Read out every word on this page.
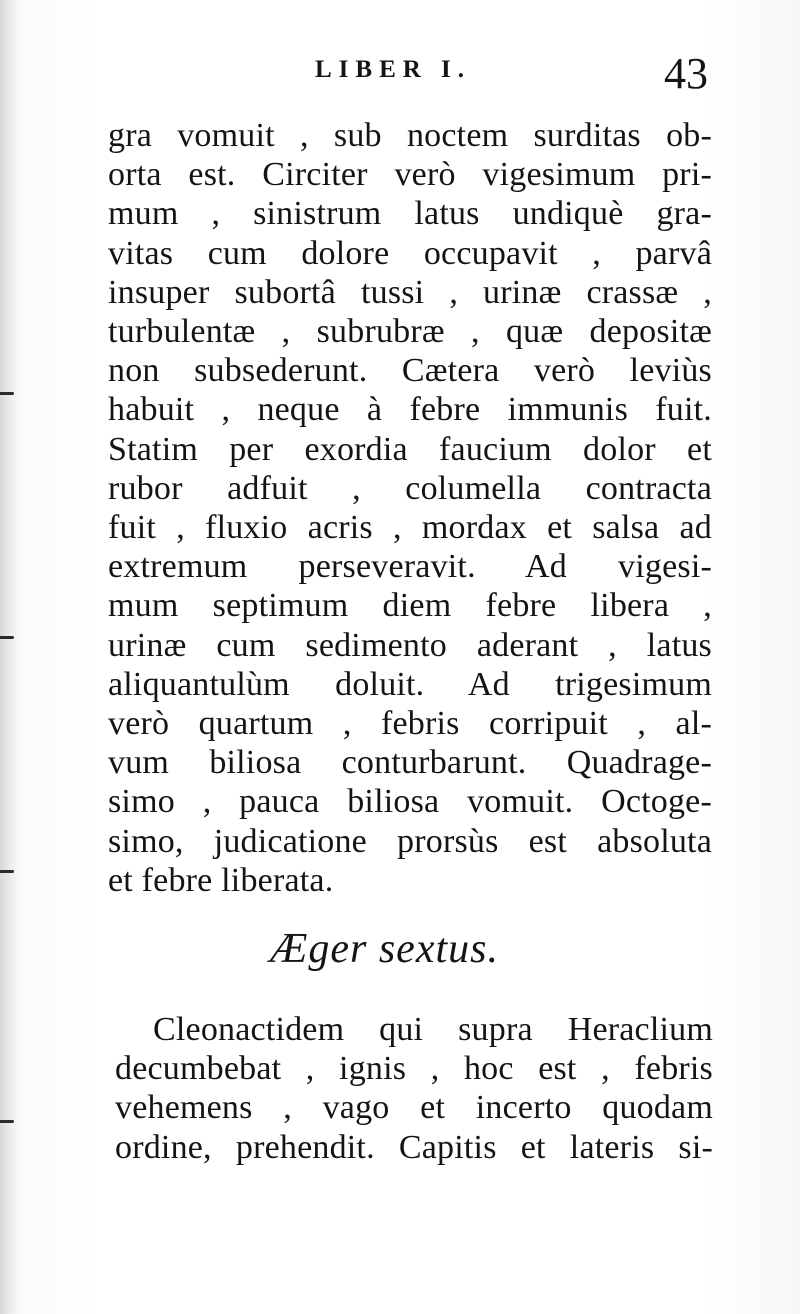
LIBER I.	43

gra vomuit , sub noctem surditas ob-
orta est. Circiter verò vigesimum pri-
mum , sinistrum latus undiquè gra-
vitas cum dolore occupavit , parvâ
insuper subortâ tussi , urinæ crassæ ,
turbulentæ , subrubræ , quæ depositæ
non subsederunt. Cætera verò leviùs
habuit , neque à febre immunis fuit.
Statim per exordia faucium dolor et
rubor adfuit , columella contracta
fuit , fluxio acris , mordax et salsa ad
extremum perseveravit. Ad vigesi-
mum septimum diem febre libera ,
urinæ cum sedimento aderant , latus
aliquantulùm doluit. Ad trigesimum
verò quartum , febris corripuit , al-
vum biliosa conturbarunt. Quadrage-
simo , pauca biliosa vomuit. Octoge-
simo, judicatione prorsùs est absoluta
et febre liberata.

Æger sextus.

Cleonactidem qui supra Heraclium
decumbebat , ignis , hoc est , febris
vehemens , vago et incerto quodam
ordine, prehendit. Capitis et lateris si-
